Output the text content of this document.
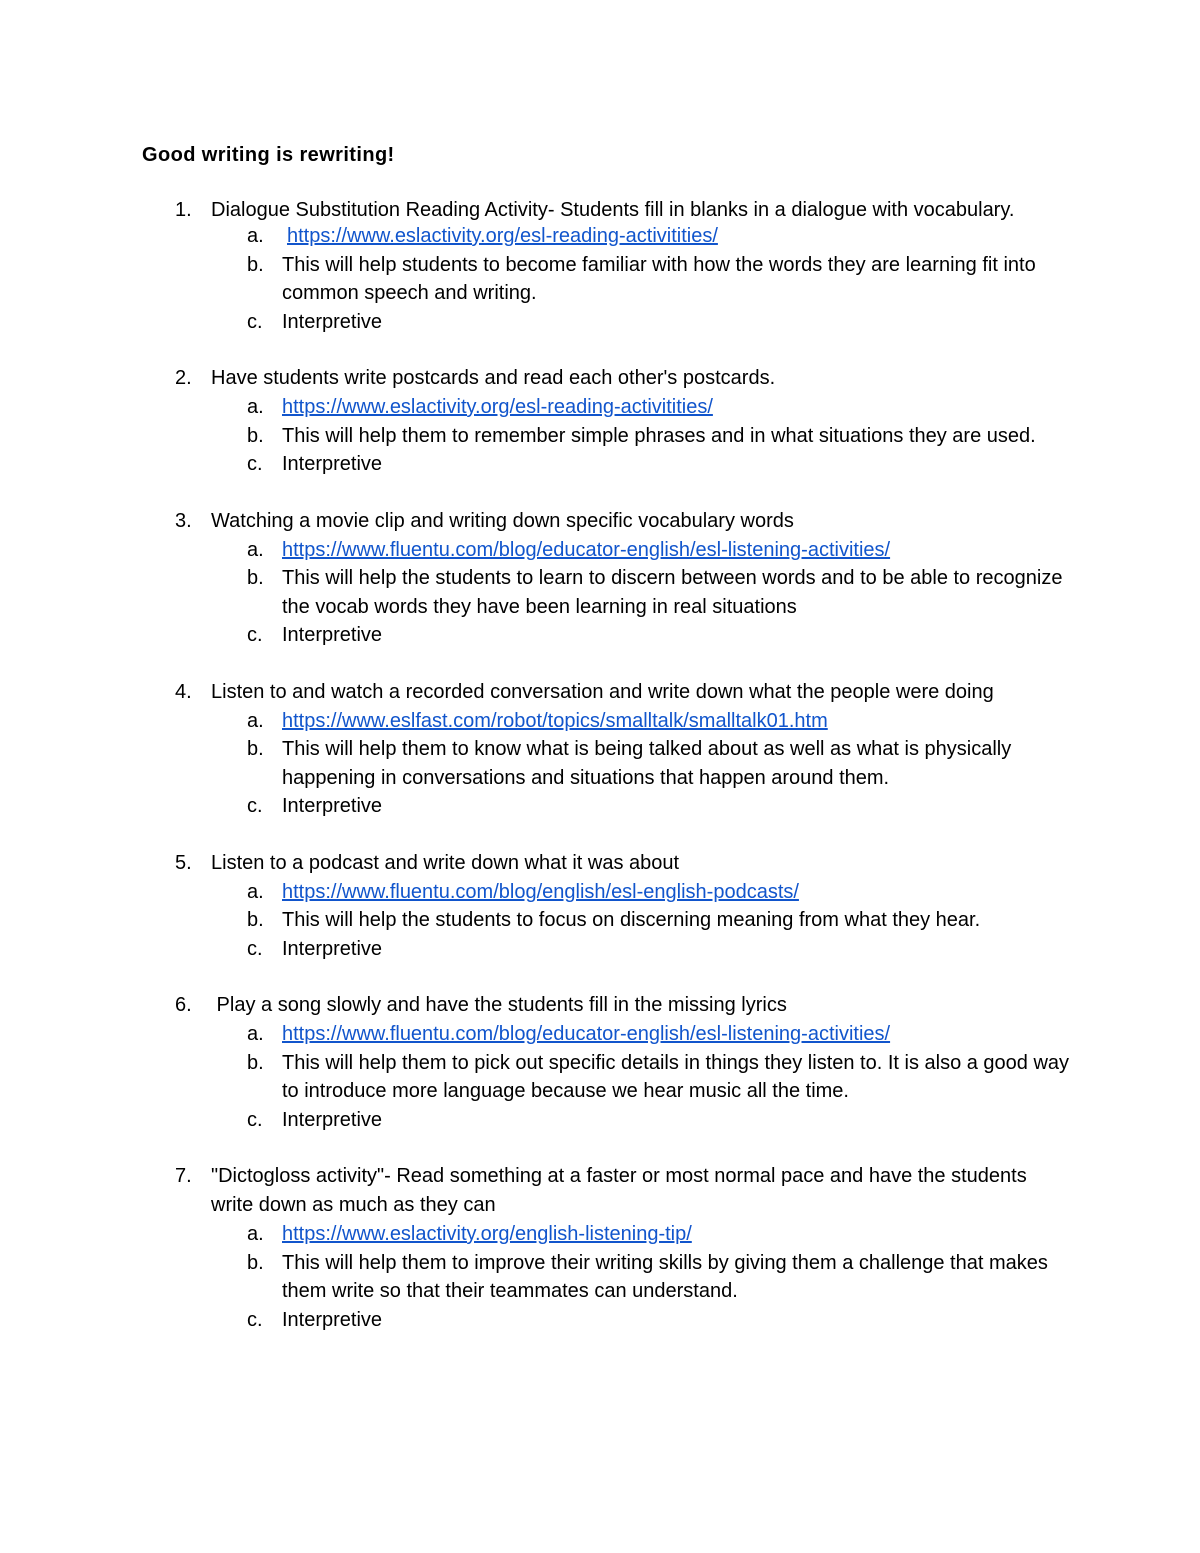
Good writing is rewriting!
1. Dialogue Substitution Reading Activity- Students fill in blanks in a dialogue with vocabulary.
a. https://www.eslactivity.org/esl-reading-activitities/
b. This will help students to become familiar with how the words they are learning fit into common speech and writing.
c. Interpretive
2. Have students write postcards and read each other's postcards.
a. https://www.eslactivity.org/esl-reading-activitities/
b. This will help them to remember simple phrases and in what situations they are used.
c. Interpretive
3. Watching a movie clip and writing down specific vocabulary words
a. https://www.fluentu.com/blog/educator-english/esl-listening-activities/
b. This will help the students to learn to discern between words and to be able to recognize the vocab words they have been learning in real situations
c. Interpretive
4. Listen to and watch a recorded conversation and write down what the people were doing
a. https://www.eslfast.com/robot/topics/smalltalk/smalltalk01.htm
b. This will help them to know what is being talked about as well as what is physically happening in conversations and situations that happen around them.
c. Interpretive
5. Listen to a podcast and write down what it was about
a. https://www.fluentu.com/blog/english/esl-english-podcasts/
b. This will help the students to focus on discerning meaning from what they hear.
c. Interpretive
6. Play a song slowly and have the students fill in the missing lyrics
a. https://www.fluentu.com/blog/educator-english/esl-listening-activities/
b. This will help them to pick out specific details in things they listen to. It is also a good way to introduce more language because we hear music all the time.
c. Interpretive
7. "Dictogloss activity"- Read something at a faster or most normal pace and have the students write down as much as they can
a. https://www.eslactivity.org/english-listening-tip/
b. This will help them to improve their writing skills by giving them a challenge that makes them write so that their teammates can understand.
c. Interpretive
